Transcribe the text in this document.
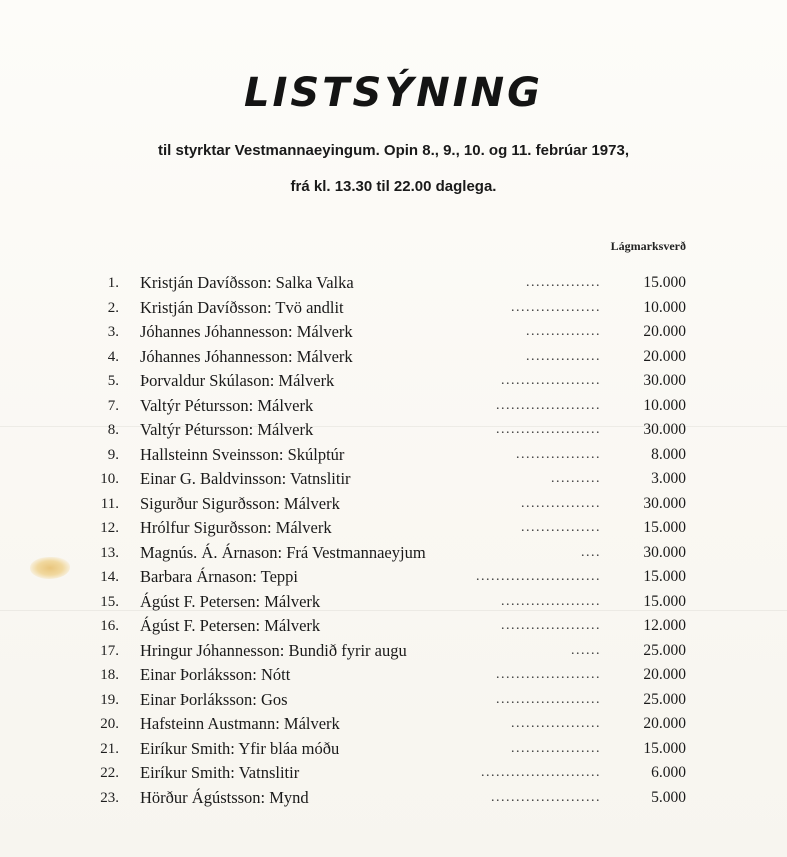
LISTSÝNING
til styrktar Vestmannaeyingum. Opin 8., 9., 10. og 11. febrúar 1973,
frá kl. 13.30 til 22.00 daglega.
Lágmarksverð
1. Kristján Davíðsson: Salka Valka	...............	15.000
2. Kristján Davíðsson: Tvö andlit	..................	10.000
3. Jóhannes Jóhannesson: Málverk	...............	20.000
4. Jóhannes Jóhannesson: Málverk	...............	20.000
5. Þorvaldur Skúlason: Málverk	....................	30.000
7. Valtýr Pétursson: Málverk	.....................	10.000
8. Valtýr Pétursson: Málverk	.....................	30.000
9. Hallsteinn Sveinsson: Skúlptúr	.................	8.000
10. Einar G. Baldvinsson: Vatnslitir	..........	3.000
11. Sigurður Sigurðsson: Málverk	................	30.000
12. Hrólfur Sigurðsson: Málverk	................	15.000
13. Magnús. Á. Árnason: Frá Vestmannaeyjum	....	30.000
14. Barbara Árnason: Teppi	.........................	15.000
15. Ágúst F. Petersen: Málverk	....................	15.000
16. Ágúst F. Petersen: Málverk	....................	12.000
17. Hringur Jóhannesson: Bundið fyrir augu	......	25.000
18. Einar Þorláksson: Nótt	.....................	20.000
19. Einar Þorláksson: Gos	.....................	25.000
20. Hafsteinn Austmann: Málverk	..................	20.000
21. Eiríkur Smith: Yfir bláa móðu	..................	15.000
22. Eiríkur Smith: Vatnslitir	........................	6.000
23. Hörður Ágústsson: Mynd	......................	5.000
